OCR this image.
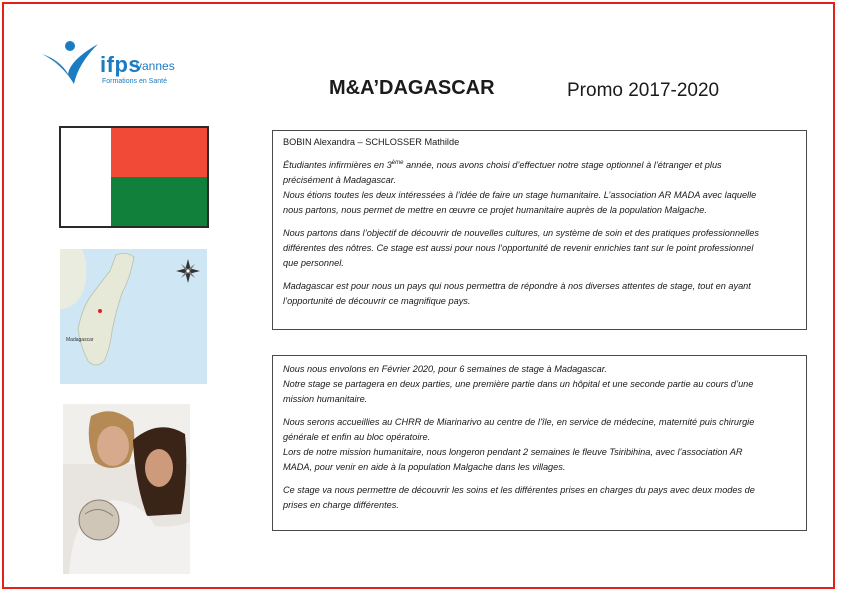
ifps
vannes
Formations en Santé	M&A’DAGASCAR	Promo 2017-2020
Madagascar

BOBIN Alexandra – SCHLOSSER Mathilde

Étudiantes infirmières en 3ème année, nous avons choisi d’effectuer notre stage optionnel à l’étranger et plus

précisément à Madagascar.

Nous étions toutes les deux intéressées à l’idée de faire un stage humanitaire. L’association AR MADA avec laquelle

nous partons, nous permet de mettre en œuvre ce projet humanitaire auprès de la population Malgache.

Nous partons dans l’objectif de découvrir de nouvelles cultures, un système de soin et des pratiques professionnelles

différentes des nôtres. Ce stage est aussi pour nous l’opportunité de revenir enrichies tant sur le point professionnel

que personnel.

Madagascar est pour nous un pays qui nous permettra de répondre à nos diverses attentes de stage, tout en ayant

l’opportunité de découvrir ce magnifique pays.

Nous nous envolons en Février 2020, pour 6 semaines de stage à Madagascar.

Notre stage se partagera en deux parties, une première partie dans un hôpital et une seconde partie au cours d’une

mission humanitaire.

Nous serons accueillies au CHRR de Miarinarivo au centre de l’île, en service de médecine, maternité puis chirurgie

générale et enfin au bloc opératoire.

Lors de notre mission humanitaire, nous longeron pendant 2 semaines le fleuve Tsiribihina, avec l’association AR

MADA, pour venir en aide à la population Malgache dans les villages.

Ce stage va nous permettre de découvrir les soins et les différentes prises en charges du pays avec deux modes de

prises en charge différentes.
